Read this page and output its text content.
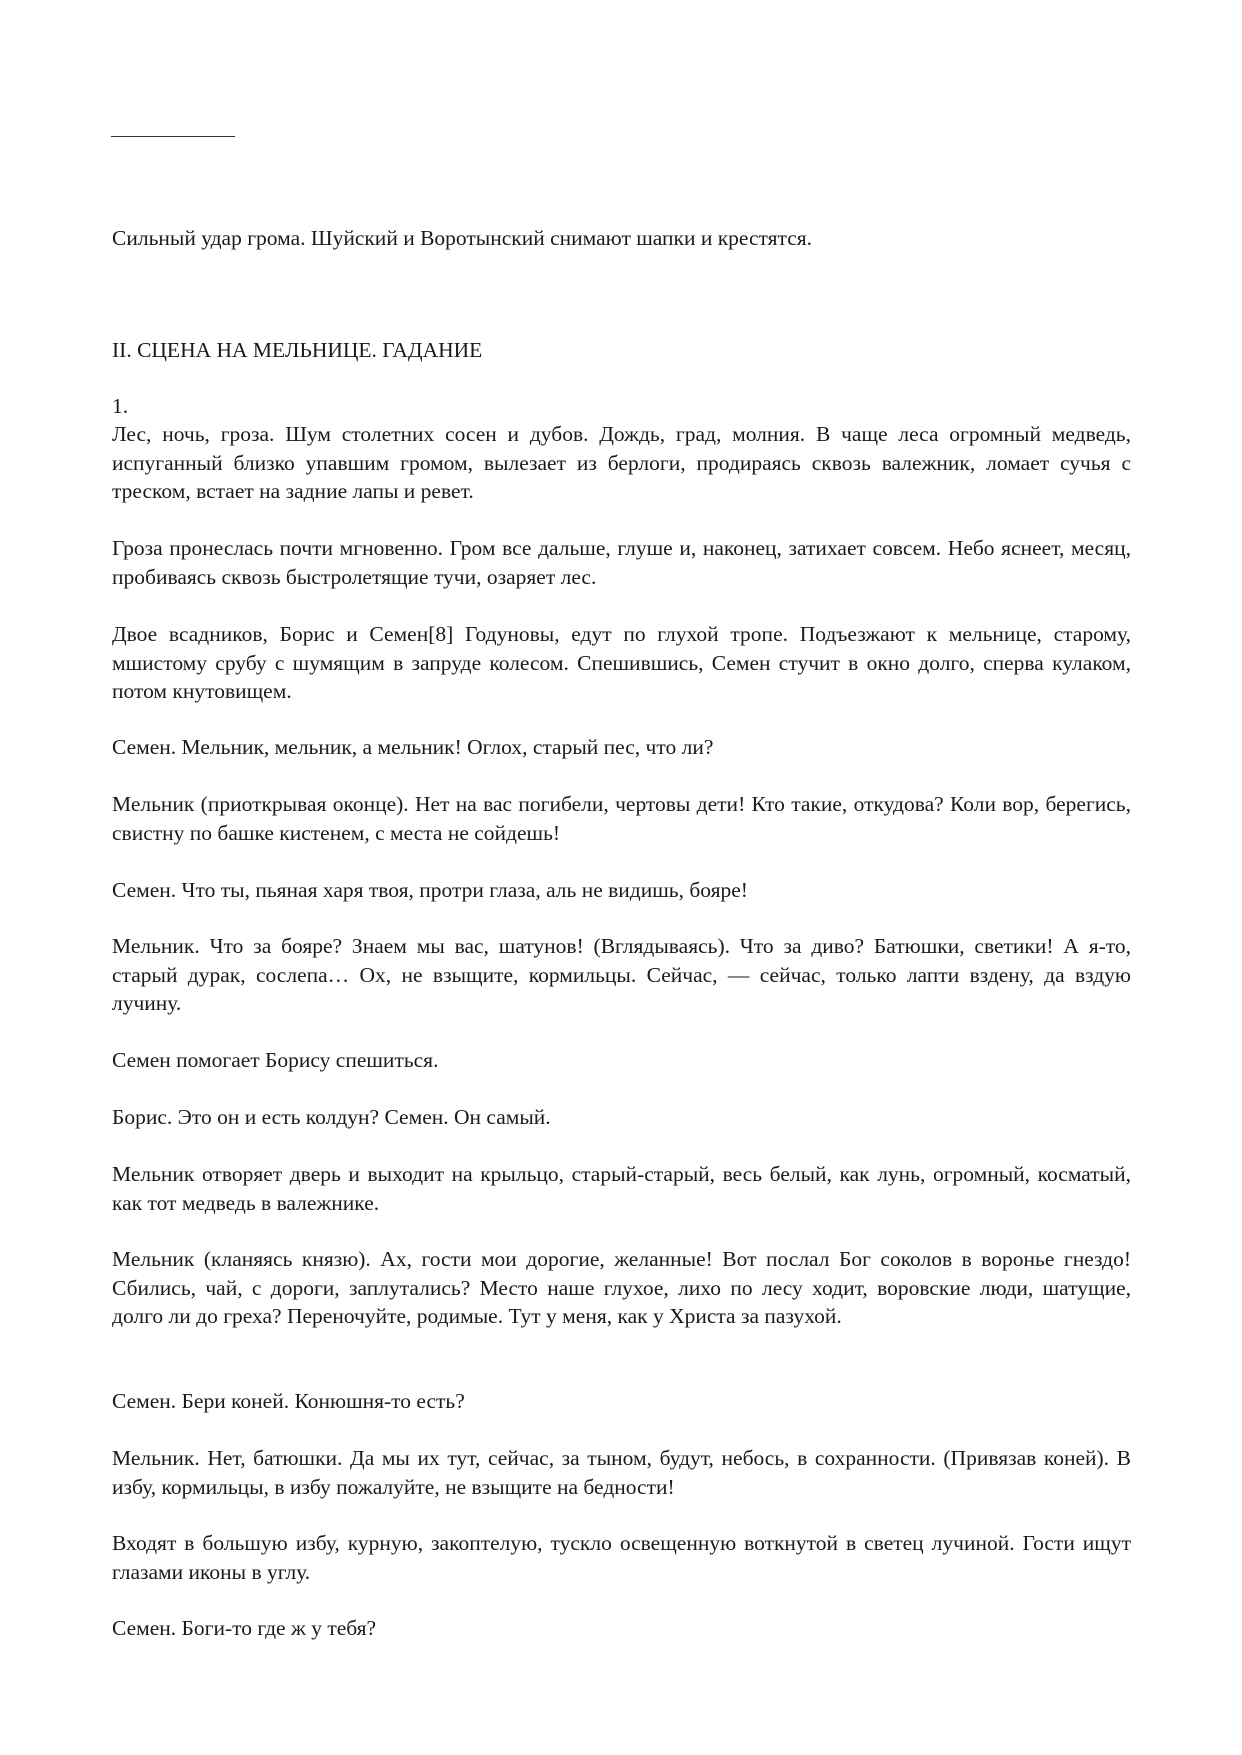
Сильный удар грома. Шуйский и Воротынский снимают шапки и крестятся.
II. СЦЕНА НА МЕЛЬНИЦЕ. ГАДАНИЕ
1.
Лес, ночь, гроза. Шум столетних сосен и дубов. Дождь, град, молния. В чаще леса огромный медведь, испуганный близко упавшим громом, вылезает из берлоги, продираясь сквозь валежник, ломает сучья с треском, встает на задние лапы и ревет.
Гроза пронеслась почти мгновенно. Гром все дальше, глуше и, наконец, затихает совсем. Небо яснеет, месяц, пробиваясь сквозь быстролетящие тучи, озаряет лес.
Двое всадников, Борис и Семен[8] Годуновы, едут по глухой тропе. Подъезжают к мельнице, старому, мшистому срубу с шумящим в запруде колесом. Спешившись, Семен стучит в окно долго, сперва кулаком, потом кнутовищем.
Семен. Мельник, мельник, а мельник! Оглох, старый пес, что ли?
Мельник (приоткрывая оконце). Нет на вас погибели, чертовы дети! Кто такие, откудова? Коли вор, берегись, свистну по башке кистенем, с места не сойдешь!
Семен. Что ты, пьяная харя твоя, протри глаза, аль не видишь, бояре!
Мельник. Что за бояре? Знаем мы вас, шатунов! (Вглядываясь). Что за диво? Батюшки, светики! А я-то, старый дурак, сослепа… Ох, не взыщите, кормильцы. Сейчас, — сейчас, только лапти вздену, да вздую лучину.
Семен помогает Борису спешиться.
Борис. Это он и есть колдун? Семен. Он самый.
Мельник отворяет дверь и выходит на крыльцо, старый-старый, весь белый, как лунь, огромный, косматый, как тот медведь в валежнике.
Мельник (кланяясь князю). Ах, гости мои дорогие, желанные! Вот послал Бог соколов в воронье гнездо! Сбились, чай, с дороги, заплутались? Место наше глухое, лихо по лесу ходит, воровские люди, шатущие, долго ли до греха? Переночуйте, родимые. Тут у меня, как у Христа за пазухой.
Семен. Бери коней. Конюшня-то есть?
Мельник. Нет, батюшки. Да мы их тут, сейчас, за тыном, будут, небось, в сохранности. (Привязав коней). В избу, кормильцы, в избу пожалуйте, не взыщите на бедности!
Входят в большую избу, курную, закоптелую, тускло освещенную воткнутой в светец лучиной. Гости ищут глазами иконы в углу.
Семен. Боги-то где ж у тебя?
